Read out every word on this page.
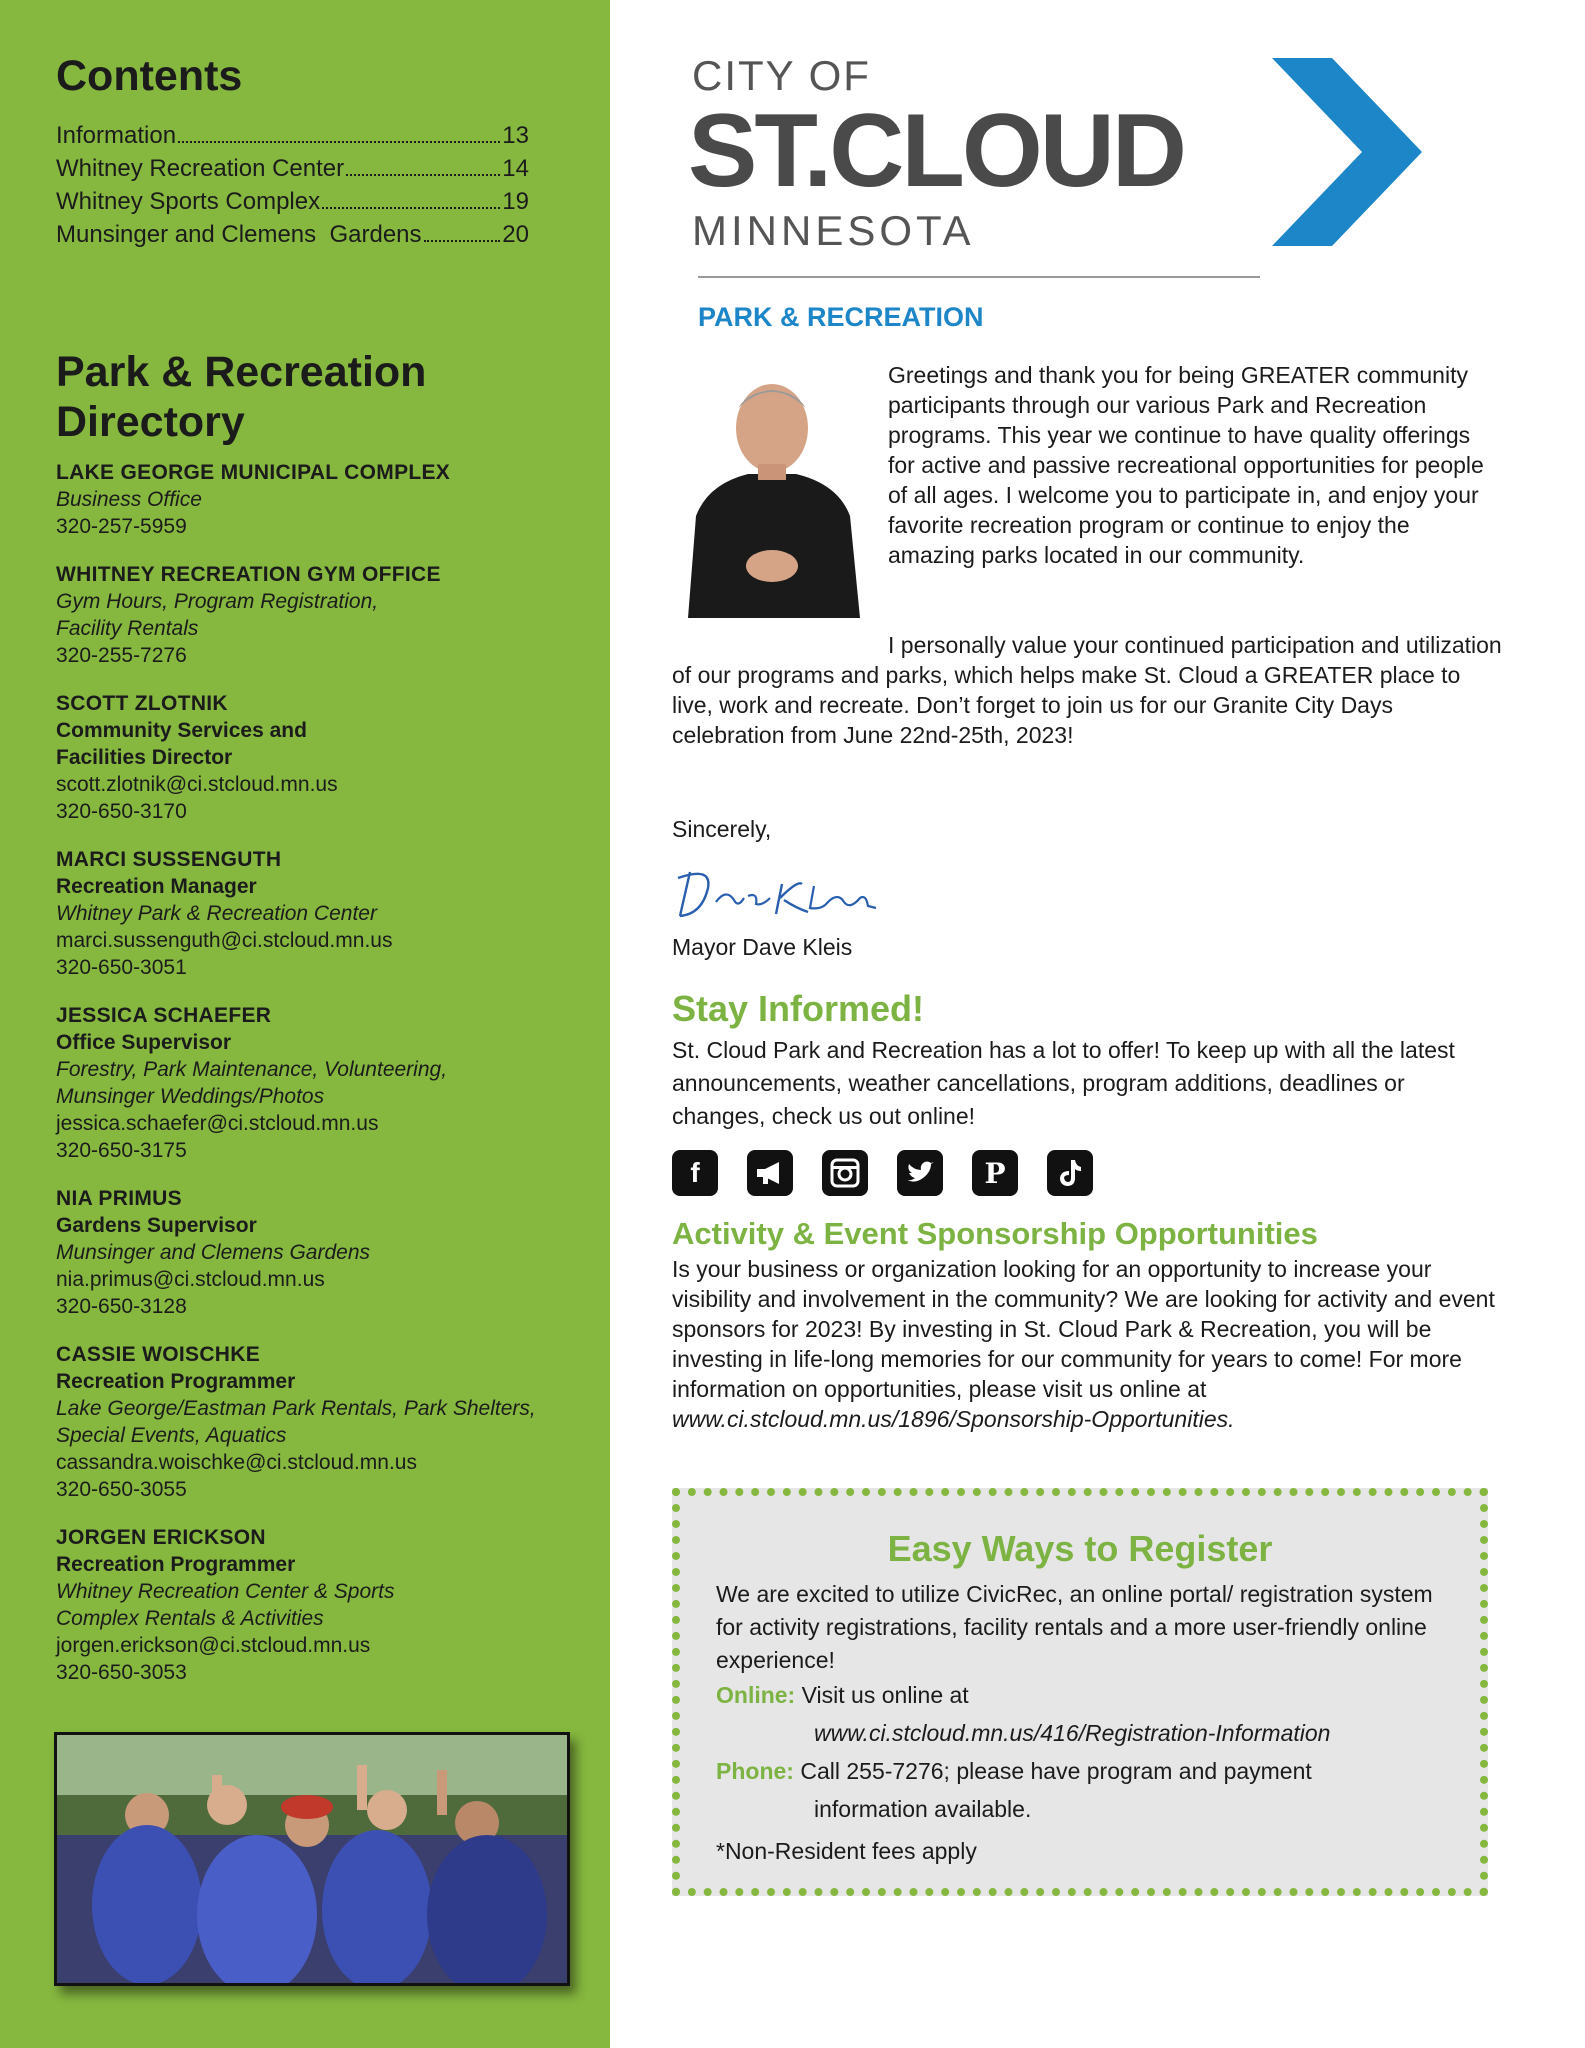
Contents
Information	13
Whitney Recreation Center	14
Whitney Sports Complex	19
Munsinger and Clemens  Gardens	20
Park & Recreation Directory
LAKE GEORGE MUNICIPAL COMPLEX
Business Office
320-257-5959
WHITNEY RECREATION GYM OFFICE
Gym Hours, Program Registration, Facility Rentals
320-255-7276
SCOTT ZLOTNIK
Community Services and Facilities Director
scott.zlotnik@ci.stcloud.mn.us
320-650-3170
MARCI SUSSENGUTH
Recreation Manager
Whitney Park & Recreation Center
marci.sussenguth@ci.stcloud.mn.us
320-650-3051
JESSICA SCHAEFER
Office Supervisor
Forestry, Park Maintenance, Volunteering, Munsinger Weddings/Photos
jessica.schaefer@ci.stcloud.mn.us
320-650-3175
NIA PRIMUS
Gardens Supervisor
Munsinger and Clemens Gardens
nia.primus@ci.stcloud.mn.us
320-650-3128
CASSIE WOISCHKE
Recreation Programmer
Lake George/Eastman Park Rentals, Park Shelters, Special Events, Aquatics
cassandra.woischke@ci.stcloud.mn.us
320-650-3055
JORGEN ERICKSON
Recreation Programmer
Whitney Recreation Center & Sports Complex Rentals & Activities
jorgen.erickson@ci.stcloud.mn.us
320-650-3053
CITY OF
ST.CLOUD
MINNESOTA
PARK & RECREATION
Greetings and thank you for being GREATER community participants through our various Park and Recreation programs. This year we continue to have quality offerings for active and passive recreational opportunities for people of all ages. I welcome you to participate in, and enjoy your favorite recreation program or continue to enjoy the amazing parks located in our community.
I personally value your continued participation and utilization of our programs and parks, which helps make St. Cloud a GREATER place to live, work and recreate. Don’t forget to join us for our Granite City Days celebration from June 22nd-25th, 2023!
Sincerely,
Mayor Dave Kleis
Stay Informed!
St. Cloud Park and Recreation has a lot to offer! To keep up with all the latest announcements, weather cancellations, program additions, deadlines or changes, check us out online!
f	P
Activity & Event Sponsorship Opportunities
Is your business or organization looking for an opportunity to increase your visibility and involvement in the community? We are looking for activity and event sponsors for 2023! By investing in St. Cloud Park & Recreation, you will be investing in life-long memories for our community for years to come! For more information on opportunities, please visit us online at www.ci.stcloud.mn.us/1896/Sponsorship-Opportunities.
Easy Ways to Register
We are excited to utilize CivicRec, an online portal/ registration system for activity registrations, facility rentals and a more user-friendly online experience!
Online: Visit us online at
www.ci.stcloud.mn.us/416/Registration-Information
Phone: Call 255-7276; please have program and payment
information available.
*Non-Resident fees apply
